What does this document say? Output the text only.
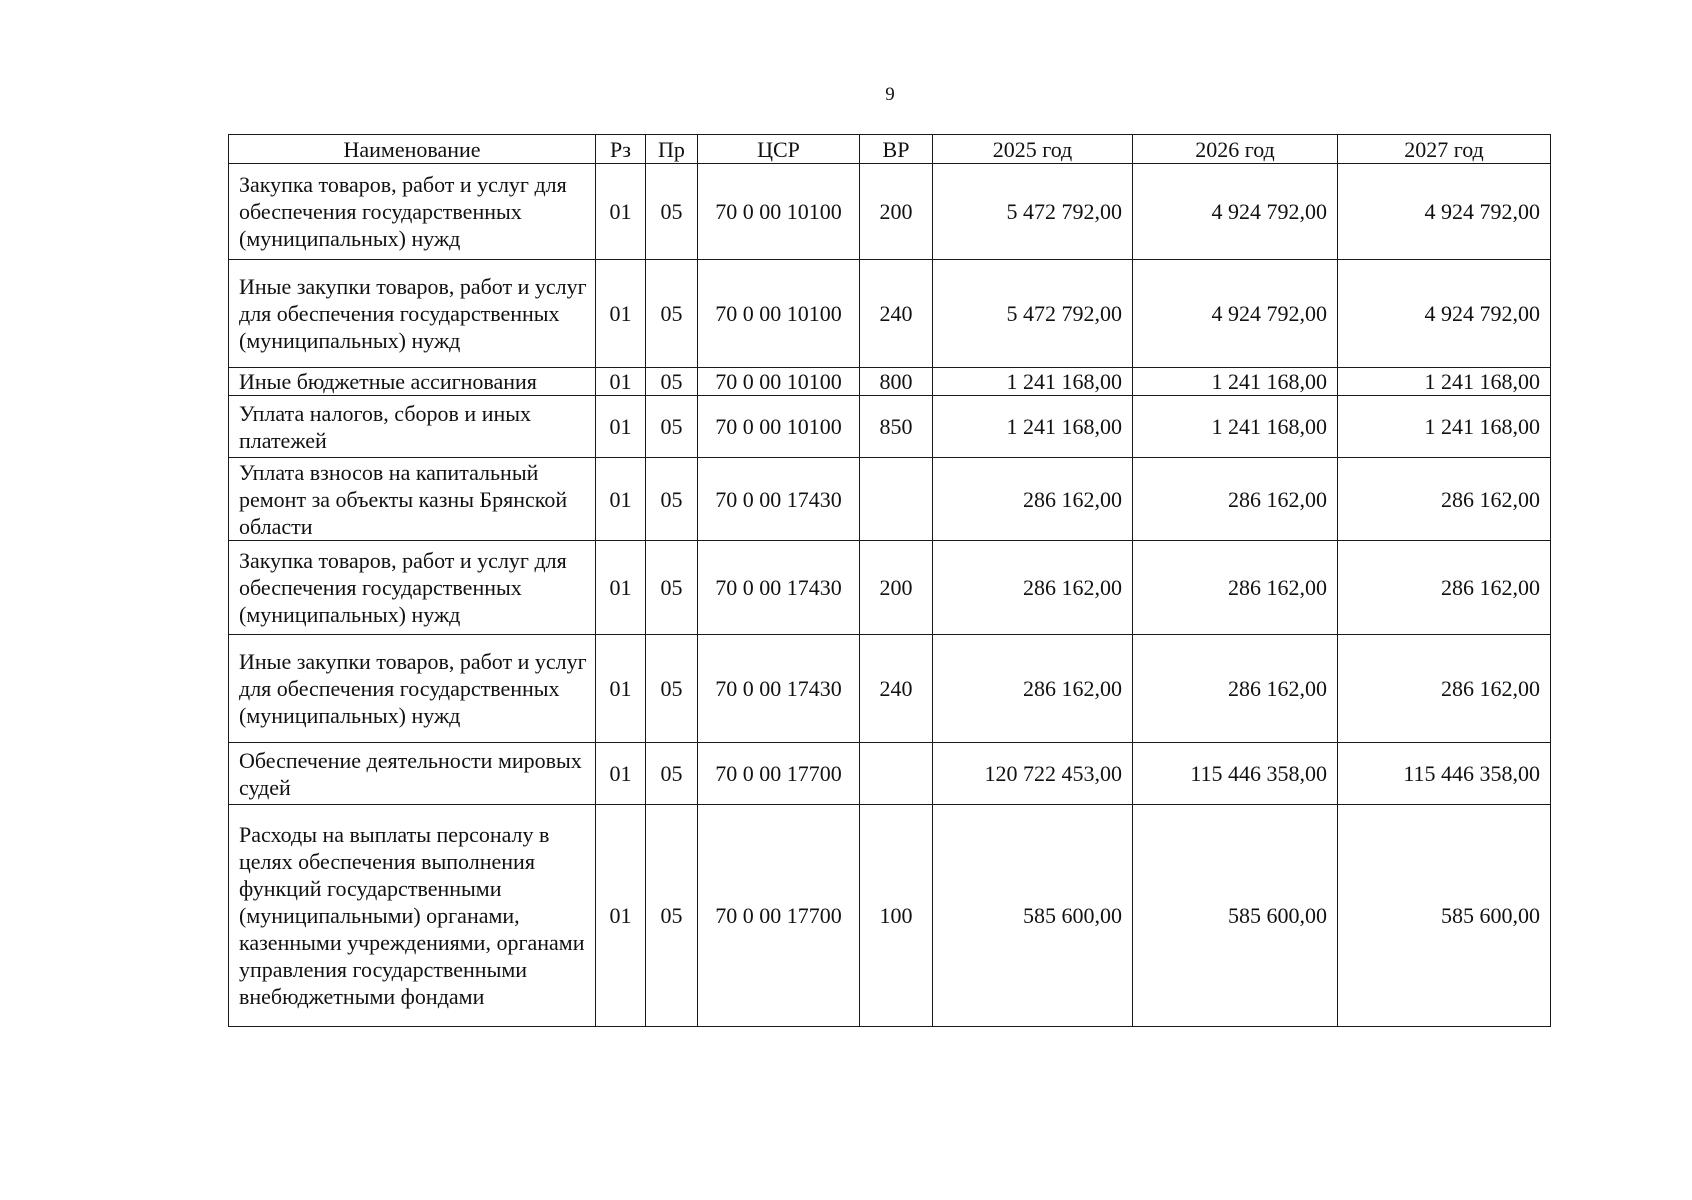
9
Наименование	Рз	Пр	ЦСР	ВР	2025 год	2026 год	2027 год
Закупка товаров, работ и услуг для обеспечения государственных (муниципальных) нужд	01	05	70 0 00 10100	200	5 472 792,00	4 924 792,00	4 924 792,00
Иные закупки товаров, работ и услуг для обеспечения государственных (муниципальных) нужд	01	05	70 0 00 10100	240	5 472 792,00	4 924 792,00	4 924 792,00
Иные бюджетные ассигнования	01	05	70 0 00 10100	800	1 241 168,00	1 241 168,00	1 241 168,00
Уплата налогов, сборов и иных платежей	01	05	70 0 00 10100	850	1 241 168,00	1 241 168,00	1 241 168,00
Уплата взносов на капитальный ремонт за объекты казны Брянской области	01	05	70 0 00 17430		286 162,00	286 162,00	286 162,00
Закупка товаров, работ и услуг для обеспечения государственных (муниципальных) нужд	01	05	70 0 00 17430	200	286 162,00	286 162,00	286 162,00
Иные закупки товаров, работ и услуг для обеспечения государственных (муниципальных) нужд	01	05	70 0 00 17430	240	286 162,00	286 162,00	286 162,00
Обеспечение деятельности мировых судей	01	05	70 0 00 17700		120 722 453,00	115 446 358,00	115 446 358,00
Расходы на выплаты персоналу в целях обеспечения выполнения функций государственными (муниципальными) органами, казенными учреждениями, органами управления государственными внебюджетными фондами	01	05	70 0 00 17700	100	585 600,00	585 600,00	585 600,00
